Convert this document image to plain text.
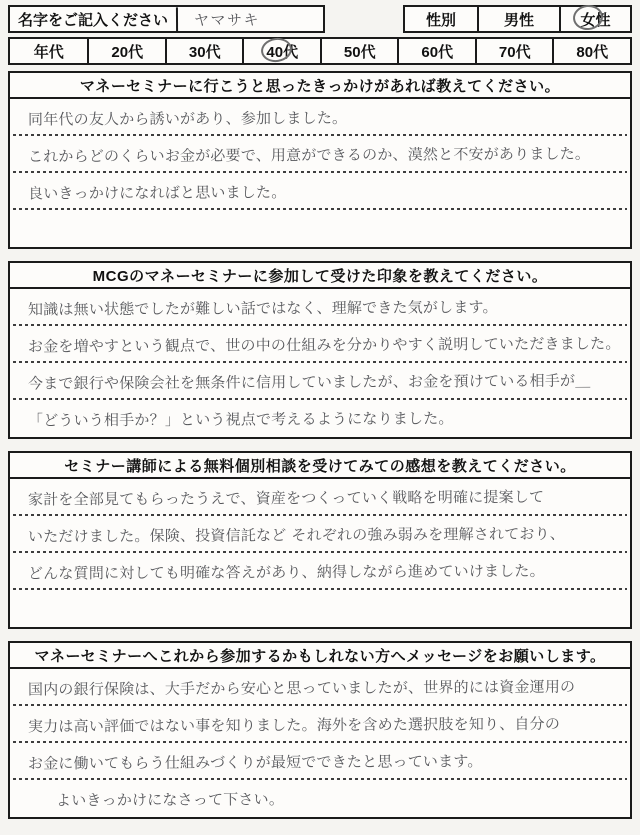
名字をご記入ください	ヤマサキ	性別	男性	女性
年代	20代	30代	40代	50代	60代	70代	80代
マネーセミナーに行こうと思ったきっかけがあれば教えてください。
同年代の友人から誘いがあり、参加しました。
これからどのくらいお金が必要で、用意ができるのか、漠然と不安がありました。
良いきっかけになればと思いました。
MCGのマネーセミナーに参加して受けた印象を教えてください。
知識は無い状態でしたが難しい話ではなく、理解できた気がします。
お金を増やすという観点で、世の中の仕組みを分かりやすく説明していただきました。
今まで銀行や保険会社を無条件に信用していましたが、お金を預けている相手が＿
「どういう相手か？」という視点で考えるようになりました。
セミナー講師による無料個別相談を受けてみての感想を教えてください。
家計を全部見てもらったうえで、資産をつくっていく戦略を明確に提案して
いただけました。保険、投資信託など それぞれの強み弱みを理解されており、
どんな質問に対しても明確な答えがあり、納得しながら進めていけました。
マネーセミナーへこれから参加するかもしれない方へメッセージをお願いします。
国内の銀行保険は、大手だから安心と思っていましたが、世界的には資金運用の
実力は高い評価ではない事を知りました。海外を含めた選択肢を知り、自分の
お金に働いてもらう仕組みづくりが最短でできたと思っています。
よいきっかけになさって下さい。
